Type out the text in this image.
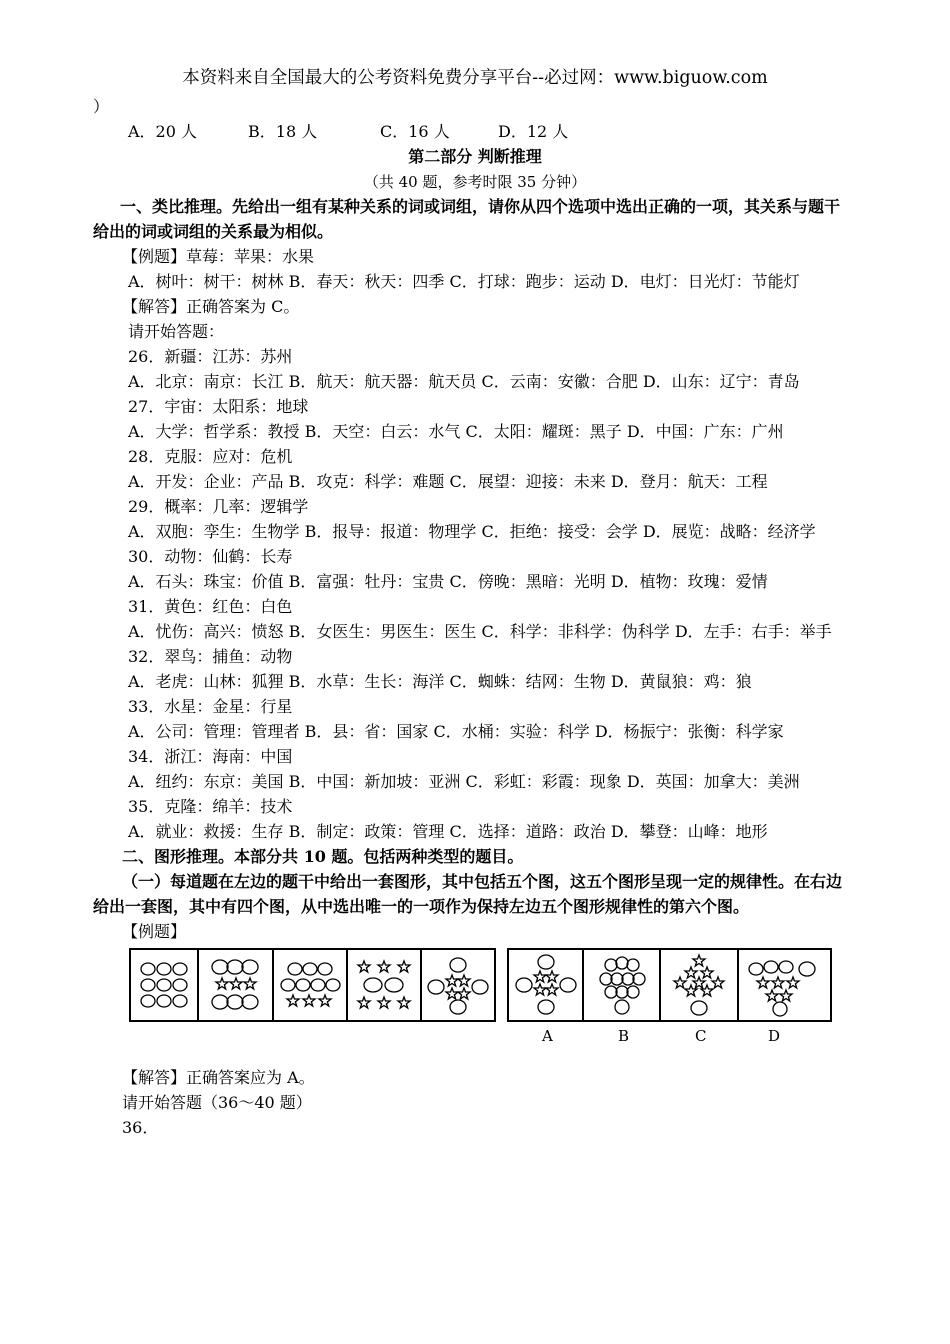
本资料来自全国最大的公考资料免费分享平台--必过网：www.biguow.com
）
A．20 人	B．18 人	C．16 人	D．12 人
第二部分 判断推理
（共 40 题，参考时限 35 分钟）
一、类比推理。先给出一组有某种关系的词或词组，请你从四个选项中选出正确的一项，其关系与题干
给出的词或词组的关系最为相似。
【例题】草莓：苹果：水果
A．树叶：树干：树林 B．春天：秋天：四季 C．打球：跑步：运动 D．电灯：日光灯：节能灯
【解答】正确答案为 C。
请开始答题：
26．新疆：江苏：苏州
A．北京：南京：长江 B．航天：航天器：航天员 C．云南：安徽：合肥 D．山东：辽宁：青岛
27．宇宙：太阳系：地球
A．大学：哲学系：教授 B．天空：白云：水气 C．太阳：耀斑：黑子 D．中国：广东：广州
28．克服：应对：危机
A．开发：企业：产品 B．攻克：科学：难题 C．展望：迎接：未来 D．登月：航天：工程
29．概率：几率：逻辑学
A．双胞：孪生：生物学 B．报导：报道：物理学 C．拒绝：接受：会学 D．展览：战略：经济学
30．动物：仙鹤：长寿
A．石头：珠宝：价值 B．富强：牡丹：宝贵 C．傍晚：黑暗：光明 D．植物：玫瑰：爱情
31．黄色：红色：白色
A．忧伤：高兴：愤怒 B．女医生：男医生：医生 C．科学：非科学：伪科学 D．左手：右手：举手
32．翠鸟：捕鱼：动物
A．老虎：山林：狐狸 B．水草：生长：海洋 C．蜘蛛：结网：生物 D．黄鼠狼：鸡：狼
33．水星：金星：行星
A．公司：管理：管理者 B．县：省：国家 C．水桶：实验：科学 D．杨振宁：张衡：科学家
34．浙江：海南：中国
A．纽约：东京：美国 B．中国：新加坡：亚洲 C．彩虹：彩霞：现象 D．英国：加拿大：美洲
35．克隆：绵羊：技术
A．就业：救援：生存 B．制定：政策：管理 C．选择：道路：政治 D．攀登：山峰：地形
二、图形推理。本部分共 10 题。包括两种类型的题目。
（一）每道题在左边的题干中给出一套图形，其中包括五个图，这五个图形呈现一定的规律性。在右边
给出一套图，其中有四个图，从中选出唯一的一项作为保持左边五个图形规律性的第六个图。
【例题】
A	B	C	D
【解答】正确答案应为 A。
请开始答题（36～40 题）
36．
